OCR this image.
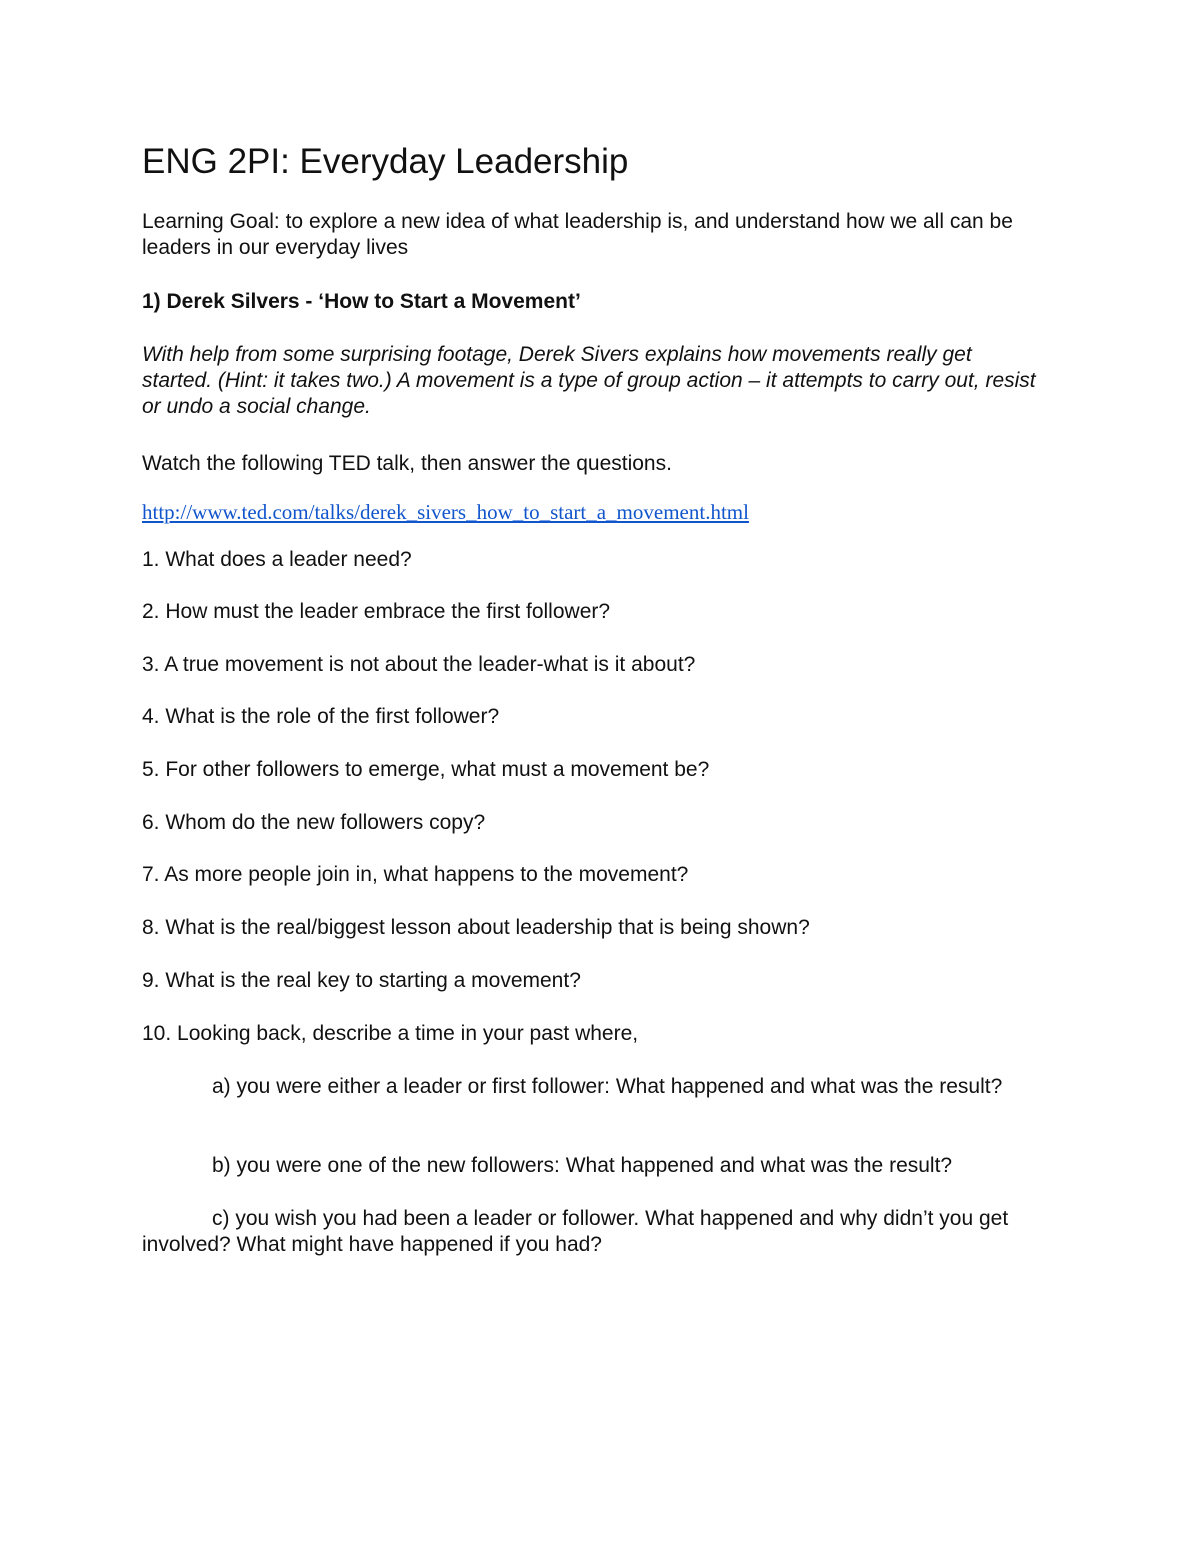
ENG 2PI: Everyday Leadership

Learning Goal: to explore a new idea of what leadership is, and understand how we all can be leaders in our everyday lives

1) Derek Silvers - ‘How to Start a Movement’

With help from some surprising footage, Derek Sivers explains how movements really get started. (Hint: it takes two.) A movement is a type of group action – it attempts to carry out, resist or undo a social change.

Watch the following TED talk, then answer the questions.

http://www.ted.com/talks/derek_sivers_how_to_start_a_movement.html

1. What does a leader need?

2. How must the leader embrace the first follower?

3. A true movement is not about the leader-what is it about?

4. What is the role of the first follower?

5. For other followers to emerge, what must a movement be?

6. Whom do the new followers copy?

7. As more people join in, what happens to the movement?

8. What is the real/biggest lesson about leadership that is being shown?

9. What is the real key to starting a movement?

10. Looking back, describe a time in your past where,

a) you were either a leader or first follower: What happened and what was the result?

b) you were one of the new followers: What happened and what was the result?

c) you wish you had been a leader or follower. What happened and why didn’t you get involved? What might have happened if you had?
